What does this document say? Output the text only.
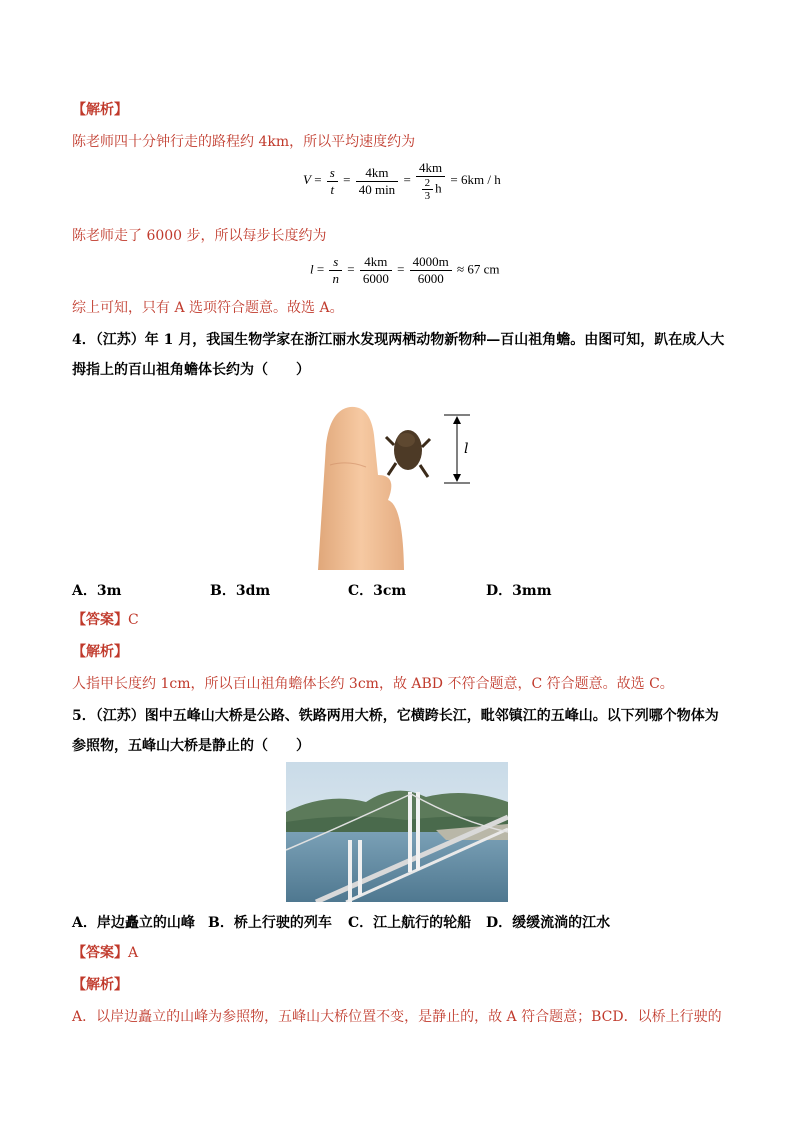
【解析】
陈老师四十分钟行走的路程约 4km，所以平均速度约为
$V = \frac{s}{t} = \frac{4km}{40 \min} = \frac{4km}{\frac{2}{3} h} = 6km / h$
陈老师走了 6000 步，所以每步长度约为
$l = \frac{s}{n} = \frac{4km}{6000} = \frac{4000m}{6000} \approx 67$ cm
综上可知，只有 A 选项符合题意。故选 A。
4．（江苏）年 1 月，我国生物学家在浙江丽水发现两栖动物新物种—百山祖角蟾。由图可知，趴在成人大
拇指上的百山祖角蟾体长约为（　　）
l
A．3m	B．3dm	C．3cm	D．3mm
【答案】C
【解析】
人指甲长度约 1cm，所以百山祖角蟾体长约 3cm，故 ABD 不符合题意，C 符合题意。故选 C。
5．（江苏）图中五峰山大桥是公路、铁路两用大桥，它横跨长江，毗邻镇江的五峰山。以下列哪个物体为
参照物，五峰山大桥是静止的（　　）
A．岸边矗立的山峰 B．桥上行驶的列车 C．江上航行的轮船 D．缓缓流淌的江水
【答案】A
【解析】
A．以岸边矗立的山峰为参照物，五峰山大桥位置不变，是静止的，故 A 符合题意；BCD．以桥上行驶的
